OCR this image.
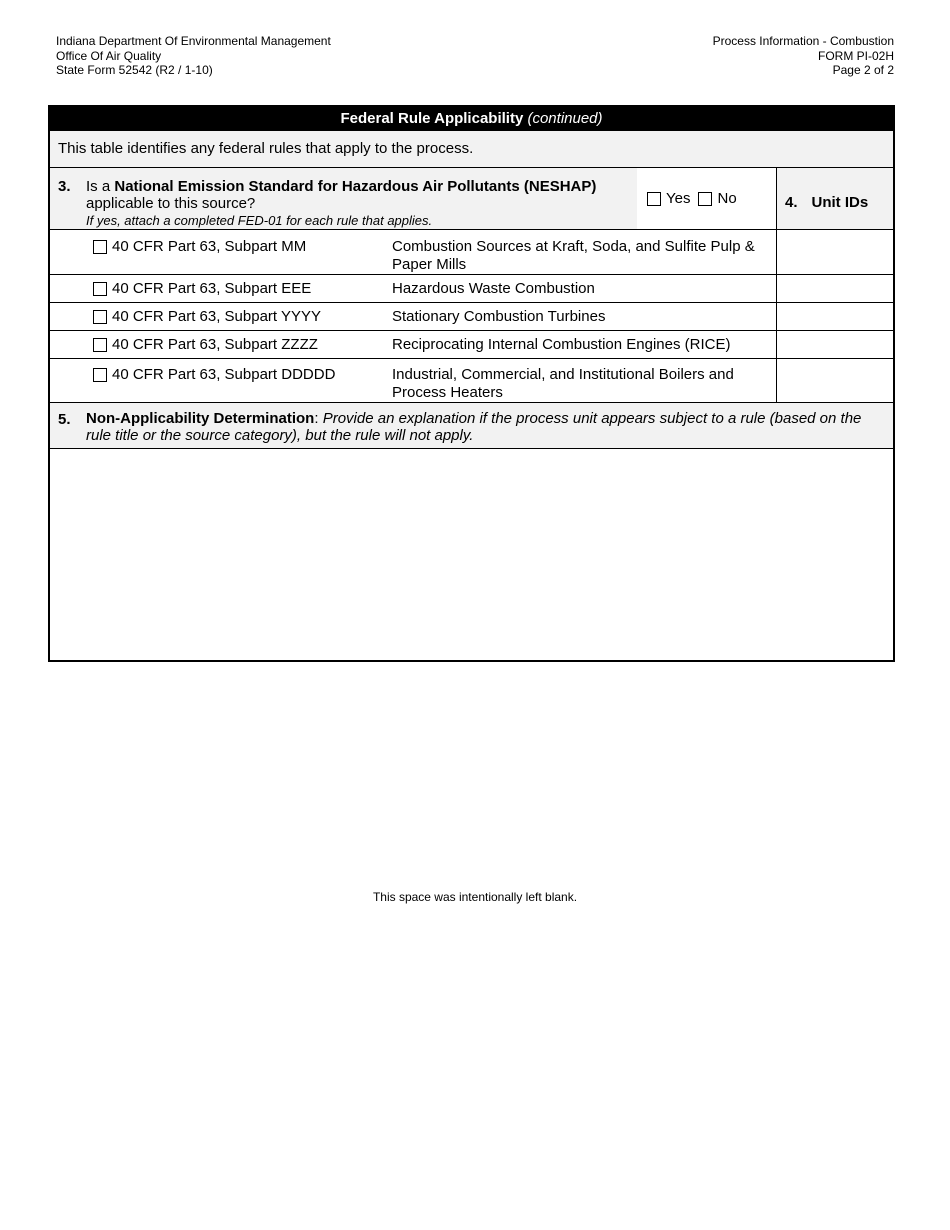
Indiana Department Of Environmental Management
Office Of Air Quality
State Form 52542 (R2 / 1-10)
Process Information - Combustion
FORM PI-02H
Page 2 of 2
Federal Rule Applicability (continued)
This table identifies any federal rules that apply to the process.
3. Is a National Emission Standard for Hazardous Air Pollutants (NESHAP)
applicable to this source?
If yes, attach a completed FED-01 for each rule that applies.
Yes No	4. Unit IDs
40 CFR Part 63, Subpart MM	Combustion Sources at Kraft, Soda, and Sulfite Pulp & Paper Mills
40 CFR Part 63, Subpart EEE	Hazardous Waste Combustion
40 CFR Part 63, Subpart YYYY	Stationary Combustion Turbines
40 CFR Part 63, Subpart ZZZZ	Reciprocating Internal Combustion Engines (RICE)
40 CFR Part 63, Subpart DDDDD	Industrial, Commercial, and Institutional Boilers and Process Heaters
5. Non-Applicability Determination: Provide an explanation if the process unit appears subject to a rule (based on the rule title or the source category), but the rule will not apply.
This space was intentionally left blank.
